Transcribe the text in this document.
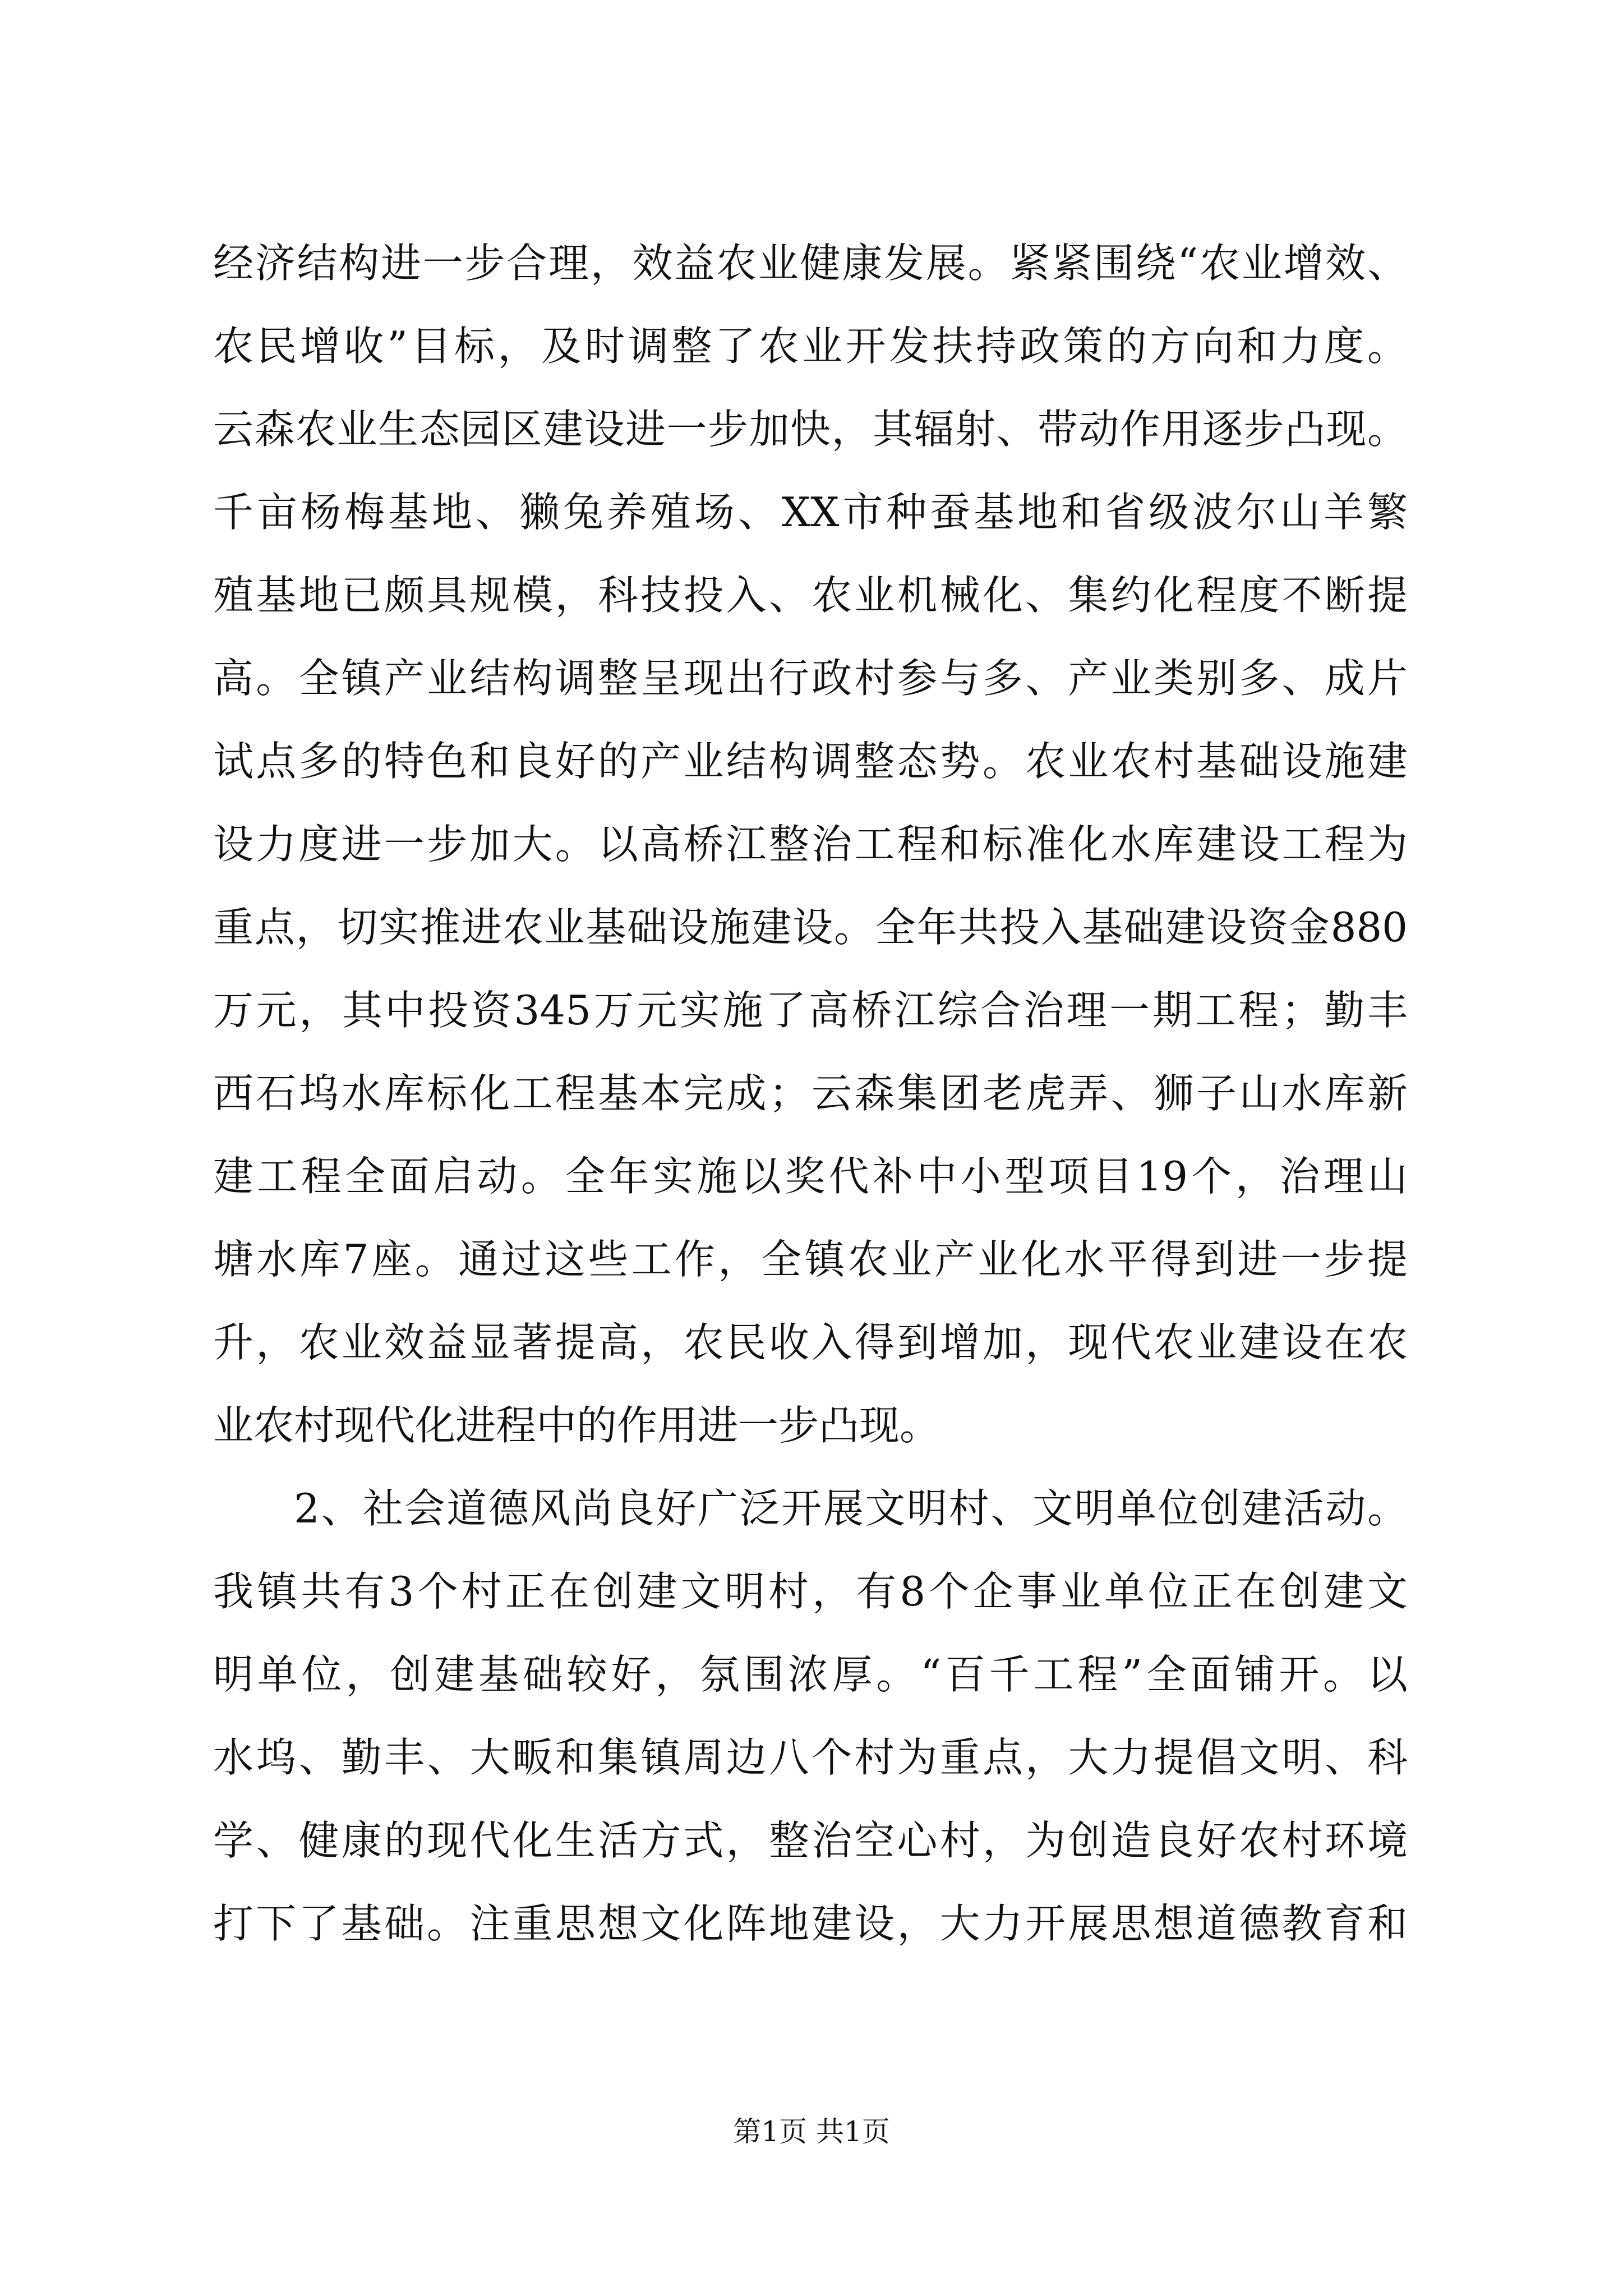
经济结构进一步合理，效益农业健康发展。紧紧围绕“农业增效、
农民增收”目标，及时调整了农业开发扶持政策的方向和力度。
云森农业生态园区建设进一步加快，其辐射、带动作用逐步凸现。
千亩杨梅基地、獭兔养殖场、XX市种蚕基地和省级波尔山羊繁
殖基地已颇具规模，科技投入、农业机械化、集约化程度不断提
高。全镇产业结构调整呈现出行政村参与多、产业类别多、成片
试点多的特色和良好的产业结构调整态势。农业农村基础设施建
设力度进一步加大。以高桥江整治工程和标准化水库建设工程为
重点，切实推进农业基础设施建设。全年共投入基础建设资金880
万元，其中投资345万元实施了高桥江综合治理一期工程；勤丰
西石坞水库标化工程基本完成；云森集团老虎弄、狮子山水库新
建工程全面启动。全年实施以奖代补中小型项目19个，治理山
塘水库7座。通过这些工作，全镇农业产业化水平得到进一步提
升，农业效益显著提高，农民收入得到增加，现代农业建设在农
业农村现代化进程中的作用进一步凸现。
2、社会道德风尚良好广泛开展文明村、文明单位创建活动。
我镇共有3个村正在创建文明村，有8个企事业单位正在创建文
明单位，创建基础较好，氛围浓厚。“百千工程”全面铺开。以
水坞、勤丰、大畈和集镇周边八个村为重点，大力提倡文明、科
学、健康的现代化生活方式，整治空心村，为创造良好农村环境
打下了基础。注重思想文化阵地建设，大力开展思想道德教育和
第1页 共1页
